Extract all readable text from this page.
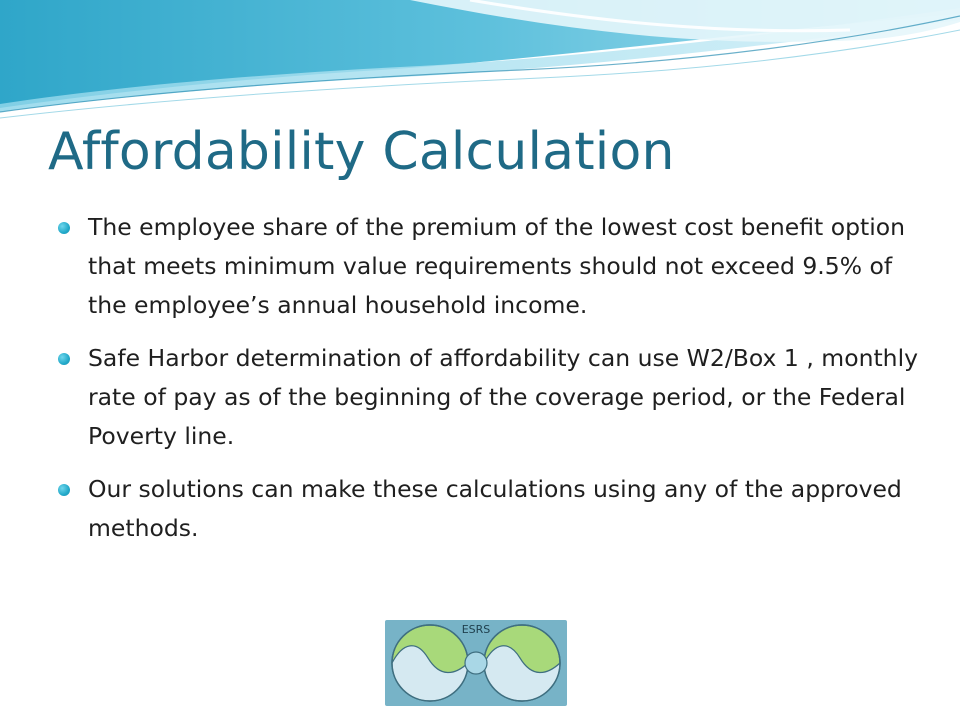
Affordability Calculation
The employee share of the premium of the lowest cost benefit option that meets minimum value requirements should not exceed 9.5% of the employee’s annual household income.
Safe Harbor determination of affordability can use W2/Box 1 , monthly rate of pay as of the beginning of the coverage period, or the Federal Poverty line.
Our solutions can make these calculations using any of the approved methods.
ESRS
